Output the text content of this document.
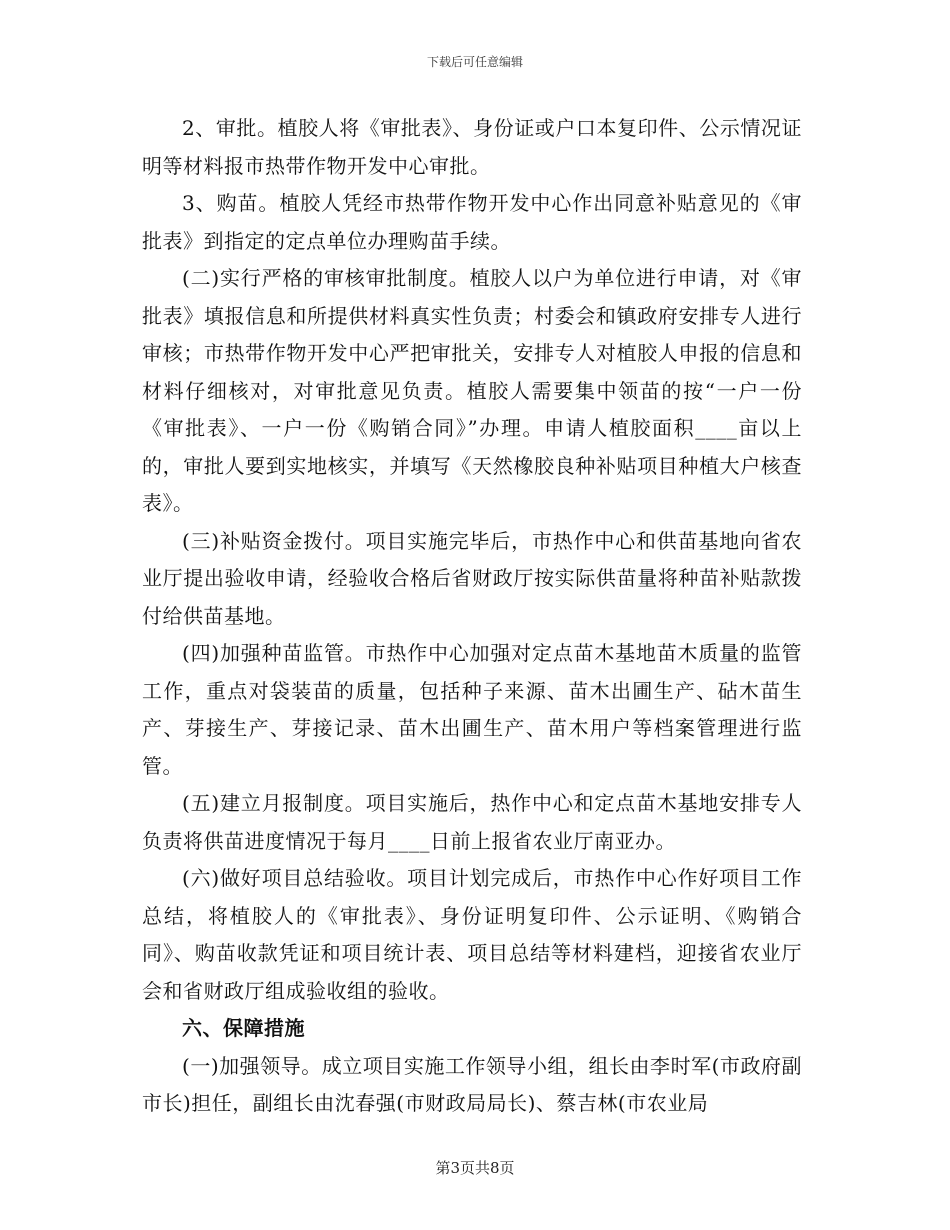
下载后可任意编辑

2、审批。植胶人将《审批表》、身份证或户口本复印件、公示情况证明等材料报市热带作物开发中心审批。

3、购苗。植胶人凭经市热带作物开发中心作出同意补贴意见的《审批表》到指定的定点单位办理购苗手续。

(二)实行严格的审核审批制度。植胶人以户为单位进行申请，对《审批表》填报信息和所提供材料真实性负责；村委会和镇政府安排专人进行审核；市热带作物开发中心严把审批关，安排专人对植胶人申报的信息和材料仔细核对，对审批意见负责。植胶人需要集中领苗的按“一户一份《审批表》、一户一份《购销合同》”办理。申请人植胶面积____亩以上的，审批人要到实地核实，并填写《天然橡胶良种补贴项目种植大户核查表》。

(三)补贴资金拨付。项目实施完毕后，市热作中心和供苗基地向省农业厅提出验收申请，经验收合格后省财政厅按实际供苗量将种苗补贴款拨付给供苗基地。

(四)加强种苗监管。市热作中心加强对定点苗木基地苗木质量的监管工作，重点对袋装苗的质量，包括种子来源、苗木出圃生产、砧木苗生产、芽接生产、芽接记录、苗木出圃生产、苗木用户等档案管理进行监管。

(五)建立月报制度。项目实施后，热作中心和定点苗木基地安排专人负责将供苗进度情况于每月____日前上报省农业厅南亚办。

(六)做好项目总结验收。项目计划完成后，市热作中心作好项目工作总结，将植胶人的《审批表》、身份证明复印件、公示证明、《购销合同》、购苗收款凭证和项目统计表、项目总结等材料建档，迎接省农业厅会和省财政厅组成验收组的验收。

六、保障措施

(一)加强领导。成立项目实施工作领导小组，组长由李时军(市政府副市长)担任，副组长由沈春强(市财政局局长)、蔡吉林(市农业局

第3页共8页
